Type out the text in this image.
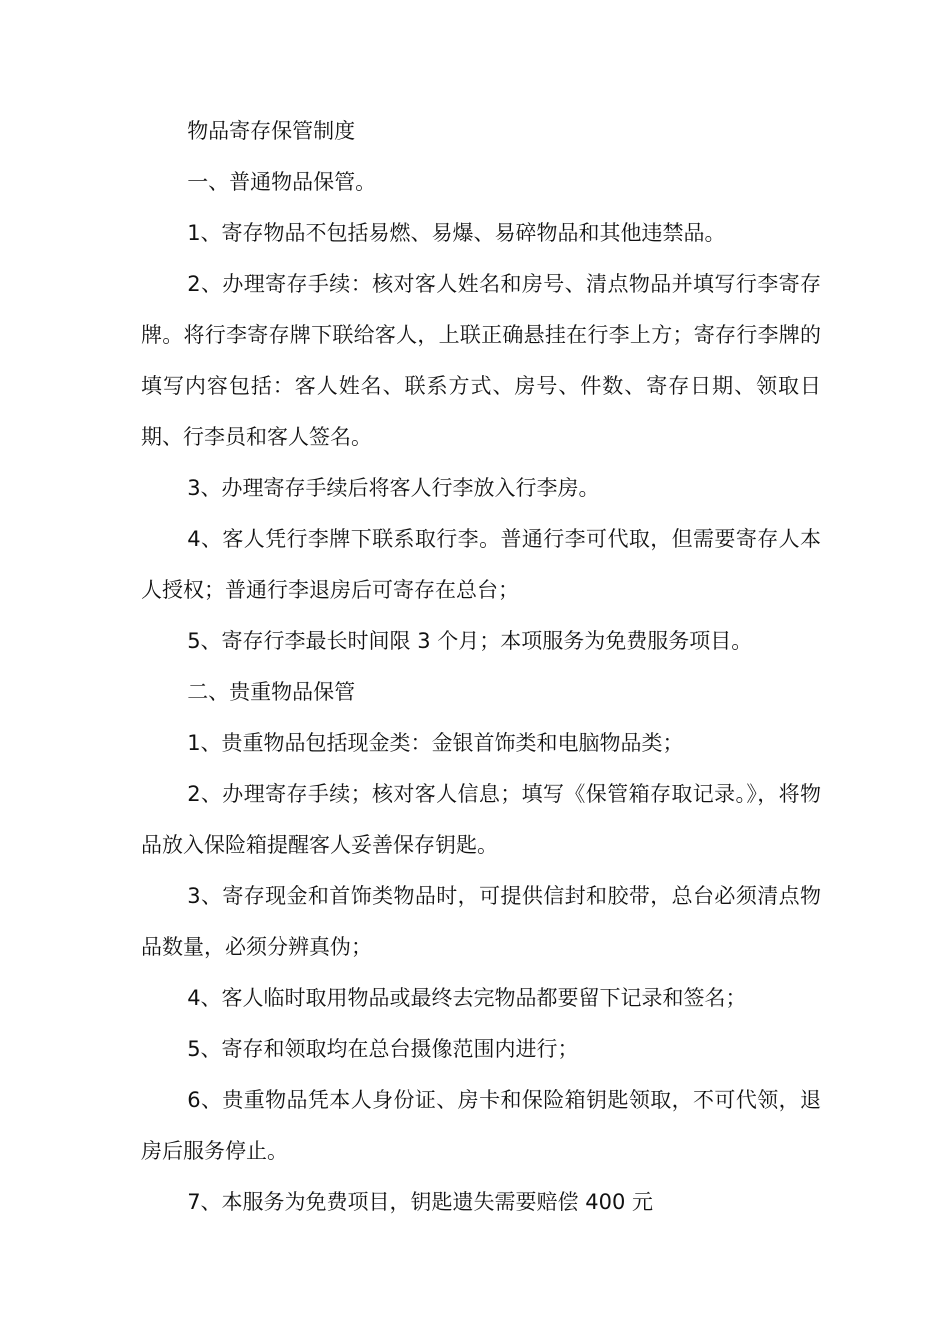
物品寄存保管制度

一、普通物品保管。

1、寄存物品不包括易燃、易爆、易碎物品和其他违禁品。

2、办理寄存手续：核对客人姓名和房号、清点物品并填写行李寄存牌。将行李寄存牌下联给客人，上联正确悬挂在行李上方；寄存行李牌的填写内容包括：客人姓名、联系方式、房号、件数、寄存日期、领取日期、行李员和客人签名。

3、办理寄存手续后将客人行李放入行李房。

4、客人凭行李牌下联系取行李。普通行李可代取，但需要寄存人本人授权；普通行李退房后可寄存在总台；

5、寄存行李最长时间限 3 个月；本项服务为免费服务项目。

二、贵重物品保管

1、贵重物品包括现金类：金银首饰类和电脑物品类；

2、办理寄存手续；核对客人信息；填写《保管箱存取记录。》，将物品放入保险箱提醒客人妥善保存钥匙。

3、寄存现金和首饰类物品时，可提供信封和胶带，总台必须清点物品数量，必须分辨真伪；

4、客人临时取用物品或最终去完物品都要留下记录和签名；

5、寄存和领取均在总台摄像范围内进行；

6、贵重物品凭本人身份证、房卡和保险箱钥匙领取，不可代领，退房后服务停止。

7、本服务为免费项目，钥匙遗失需要赔偿 400 元
